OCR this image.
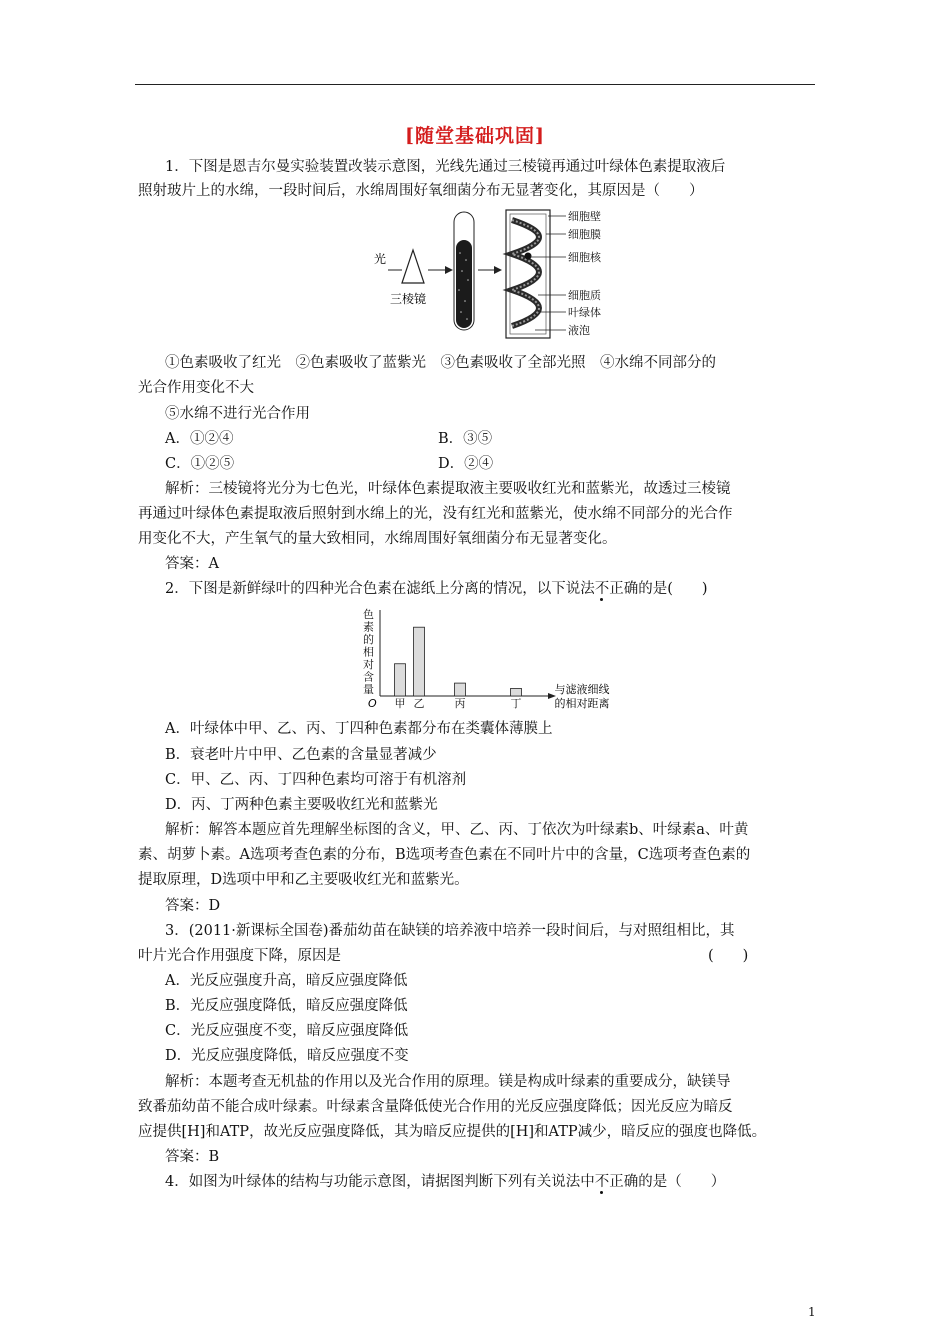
[随堂基础巩固]
1．下图是恩吉尔曼实验装置改装示意图，光线先通过三棱镜再通过叶绿体色素提取液后
照射玻片上的水绵，一段时间后，水绵周围好氧细菌分布无显著变化，其原因是（　　）
光
三棱镜
细胞壁
细胞膜
细胞核
细胞质
叶绿体
液泡
①色素吸收了红光　②色素吸收了蓝紫光　③色素吸收了全部光照　④水绵不同部分的
光合作用变化不大
⑤水绵不进行光合作用
A．①②④	B．③⑤
C．①②⑤	D．②④
解析：三棱镜将光分为七色光，叶绿体色素提取液主要吸收红光和蓝紫光，故透过三棱镜
再通过叶绿体色素提取液后照射到水绵上的光，没有红光和蓝紫光，使水绵不同部分的光合作
用变化不大，产生氧气的量大致相同，水绵周围好氧细菌分布无显著变化。
答案：A
2．下图是新鲜绿叶的四种光合色素在滤纸上分离的情况，以下说法不正确的是(　　)
色
素
的
相
对
含
量
O 甲 乙	丙	丁
与滤液细线
的相对距离
A．叶绿体中甲、乙、丙、丁四种色素都分布在类囊体薄膜上
B．衰老叶片中甲、乙色素的含量显著减少
C．甲、乙、丙、丁四种色素均可溶于有机溶剂
D．丙、丁两种色素主要吸收红光和蓝紫光
解析：解答本题应首先理解坐标图的含义，甲、乙、丙、丁依次为叶绿素b、叶绿素a、叶黄
素、胡萝卜素。A选项考查色素的分布，B选项考查色素在不同叶片中的含量，C选项考查色素的
提取原理，D选项中甲和乙主要吸收红光和蓝紫光。
答案：D
3．(2011·新课标全国卷)番茄幼苗在缺镁的培养液中培养一段时间后，与对照组相比，其
叶片光合作用强度下降，原因是	(　　)
A．光反应强度升高，暗反应强度降低
B．光反应强度降低，暗反应强度降低
C．光反应强度不变，暗反应强度降低
D．光反应强度降低，暗反应强度不变
解析：本题考查无机盐的作用以及光合作用的原理。镁是构成叶绿素的重要成分，缺镁导
致番茄幼苗不能合成叶绿素。叶绿素含量降低使光合作用的光反应强度降低；因光反应为暗反
应提供[H]和ATP，故光反应强度降低，其为暗反应提供的[H]和ATP减少，暗反应的强度也降低。
答案：B
4．如图为叶绿体的结构与功能示意图，请据图判断下列有关说法中不正确的是（　　）
1
